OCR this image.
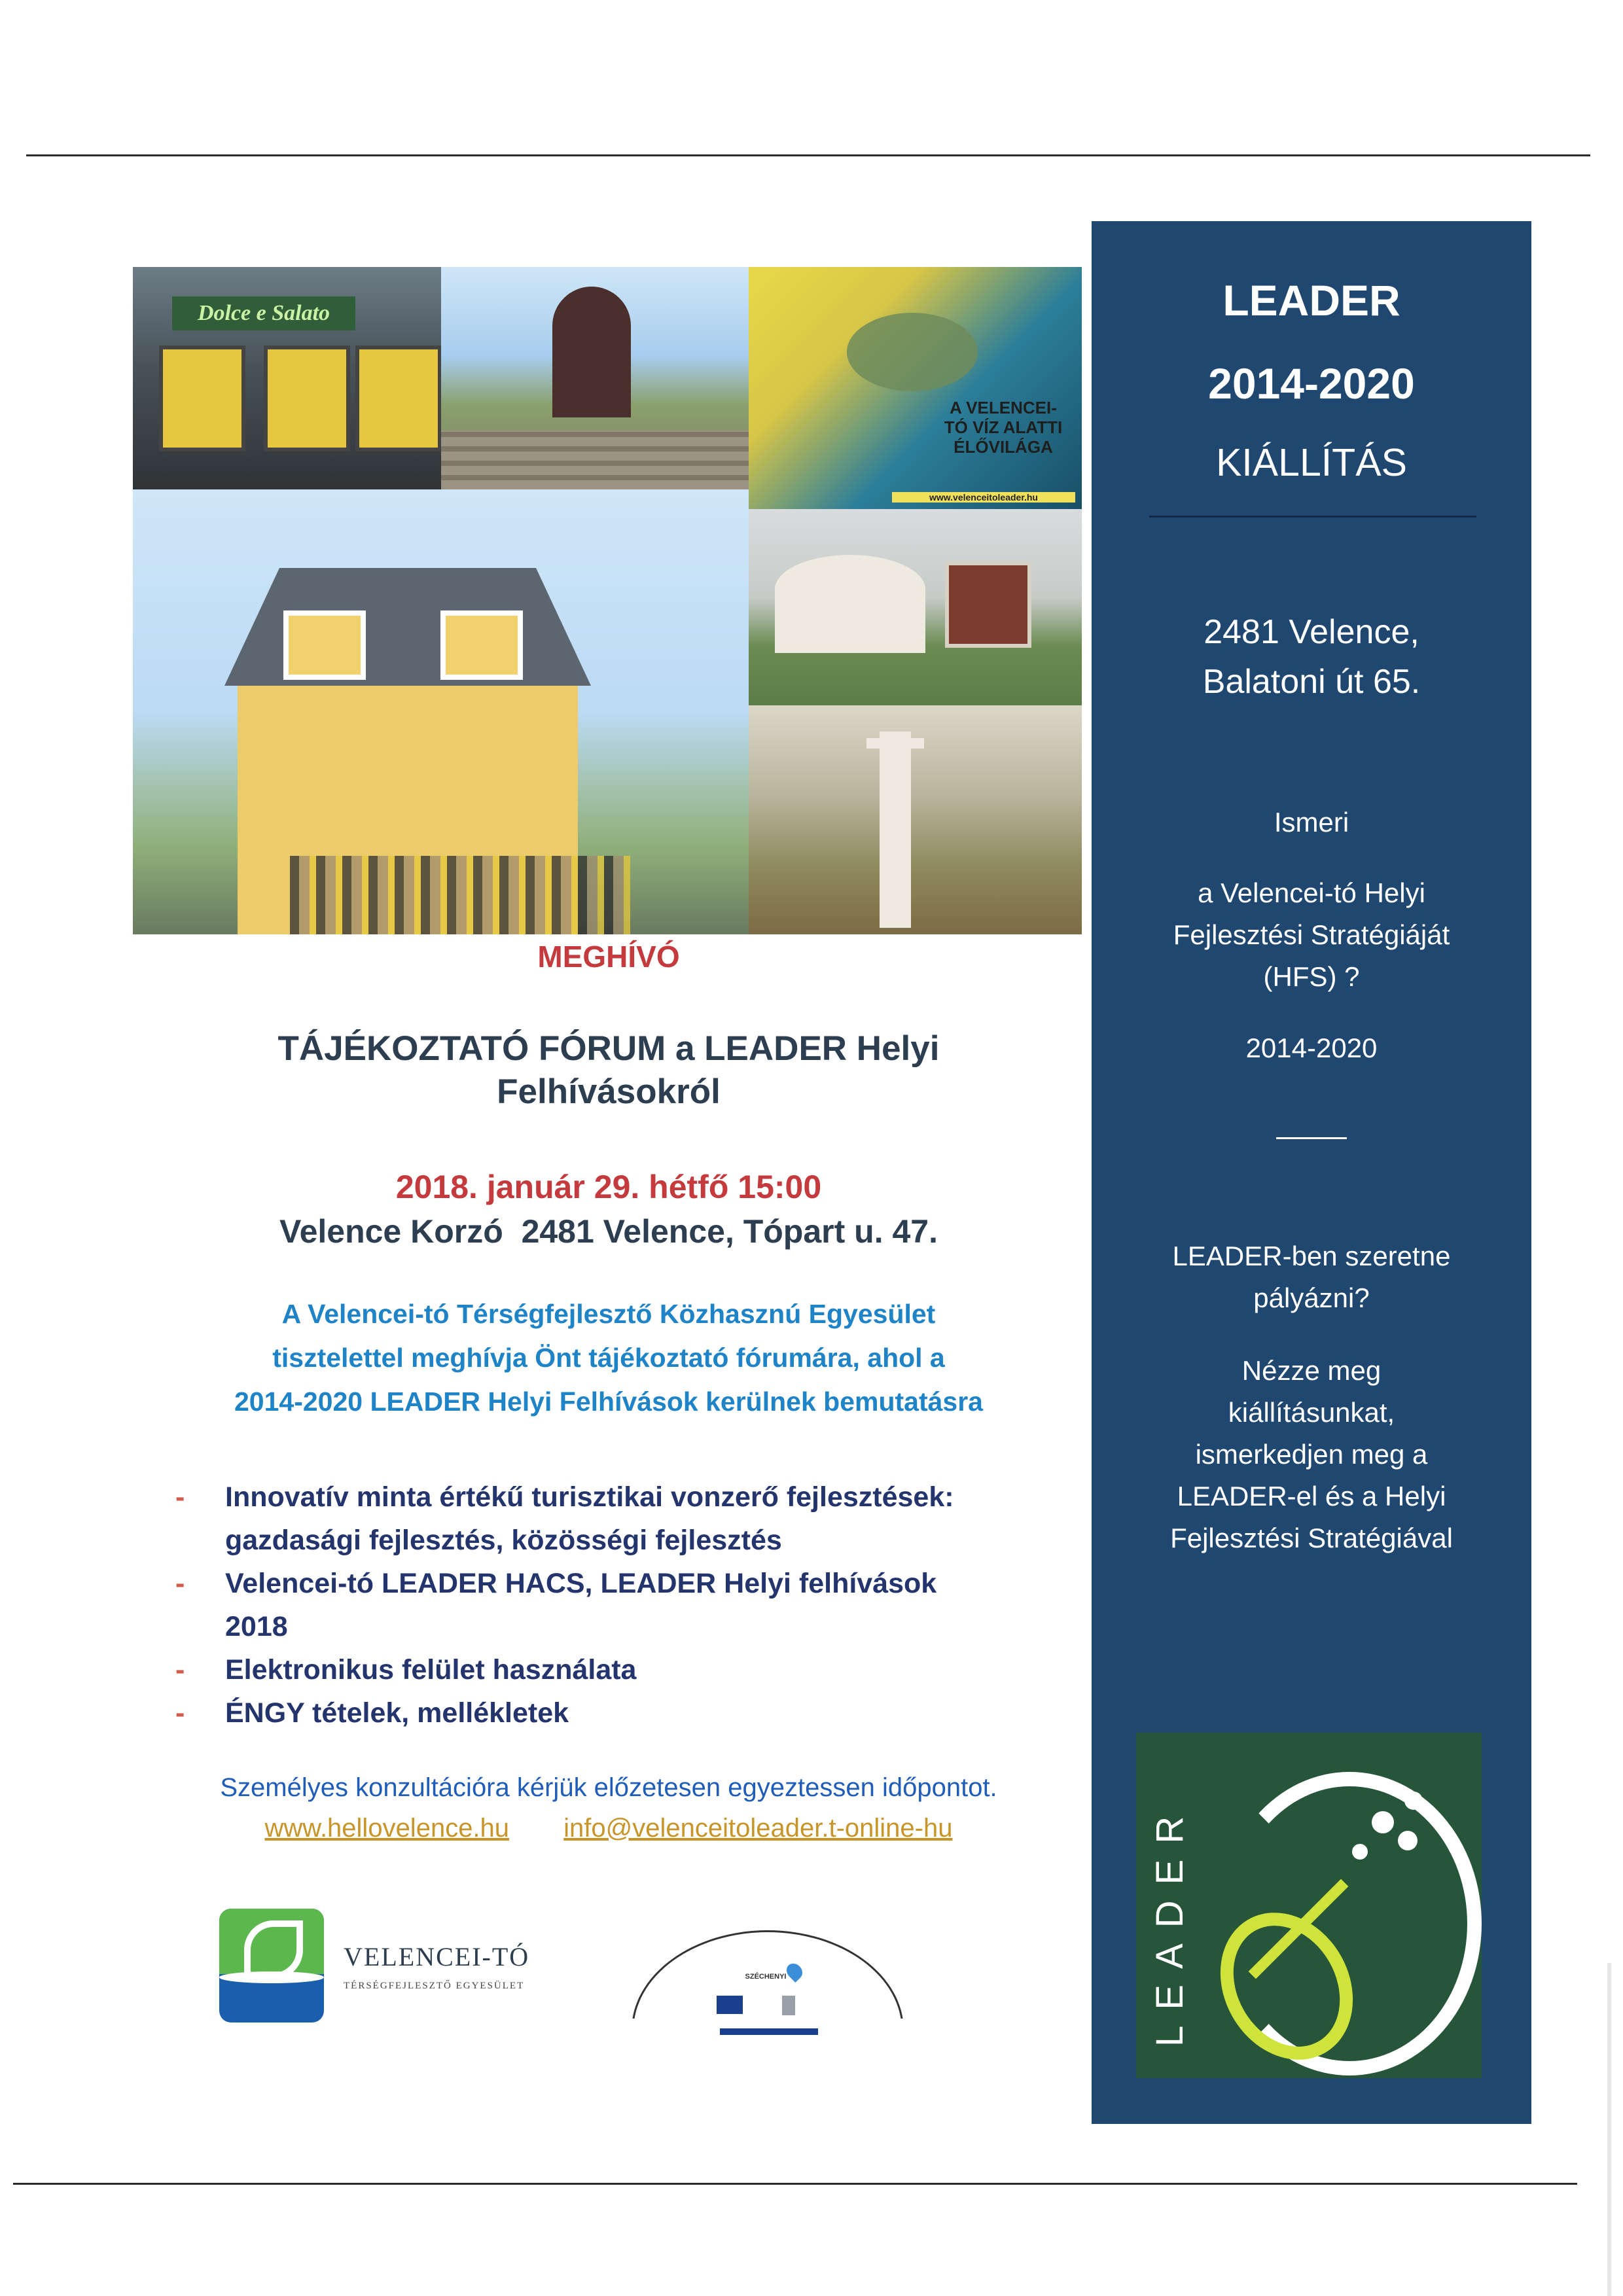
Dolce e Salato
A VELENCEI-TÓ VÍZ ALATTI ÉLŐVILÁGA
www.velenceitoleader.hu
MEGHÍVÓ
TÁJÉKOZTATÓ FÓRUM a LEADER Helyi
Felhívásokról
2018. január 29. hétfő 15:00
Velence Korzó  2481 Velence, Tópart u. 47.
A Velencei-tó Térségfejlesztő Közhasznú Egyesület
tisztelettel meghívja Önt tájékoztató fórumára, ahol a
2014-2020 LEADER Helyi Felhívások kerülnek bemutatásra
- Innovatív minta értékű turisztikai vonzerő fejlesztések:
gazdasági fejlesztés, közösségi fejlesztés
- Velencei-tó LEADER HACS, LEADER Helyi felhívások
2018
- Elektronikus felület használata
- ÉNGY tételek, mellékletek
Személyes konzultációra kérjük előzetesen egyeztessen időpontot.
www.hellovelence.hu info@velenceitoleader.t-online-hu
VELENCEI-TÓ
TÉRSÉGFEJLESZTŐ EGYESÜLET
SZÉCHENYI
LEADER
2014-2020
KIÁLLÍTÁS
2481 Velence,
Balatoni út 65.
Ismeri
a Velencei-tó Helyi
Fejlesztési Stratégiáját
(HFS) ?
2014-2020
LEADER-ben szeretne
pályázni?
Nézze meg
kiállításunkat,
ismerkedjen meg a
LEADER-el és a Helyi
Fejlesztési Stratégiával
LEADER
